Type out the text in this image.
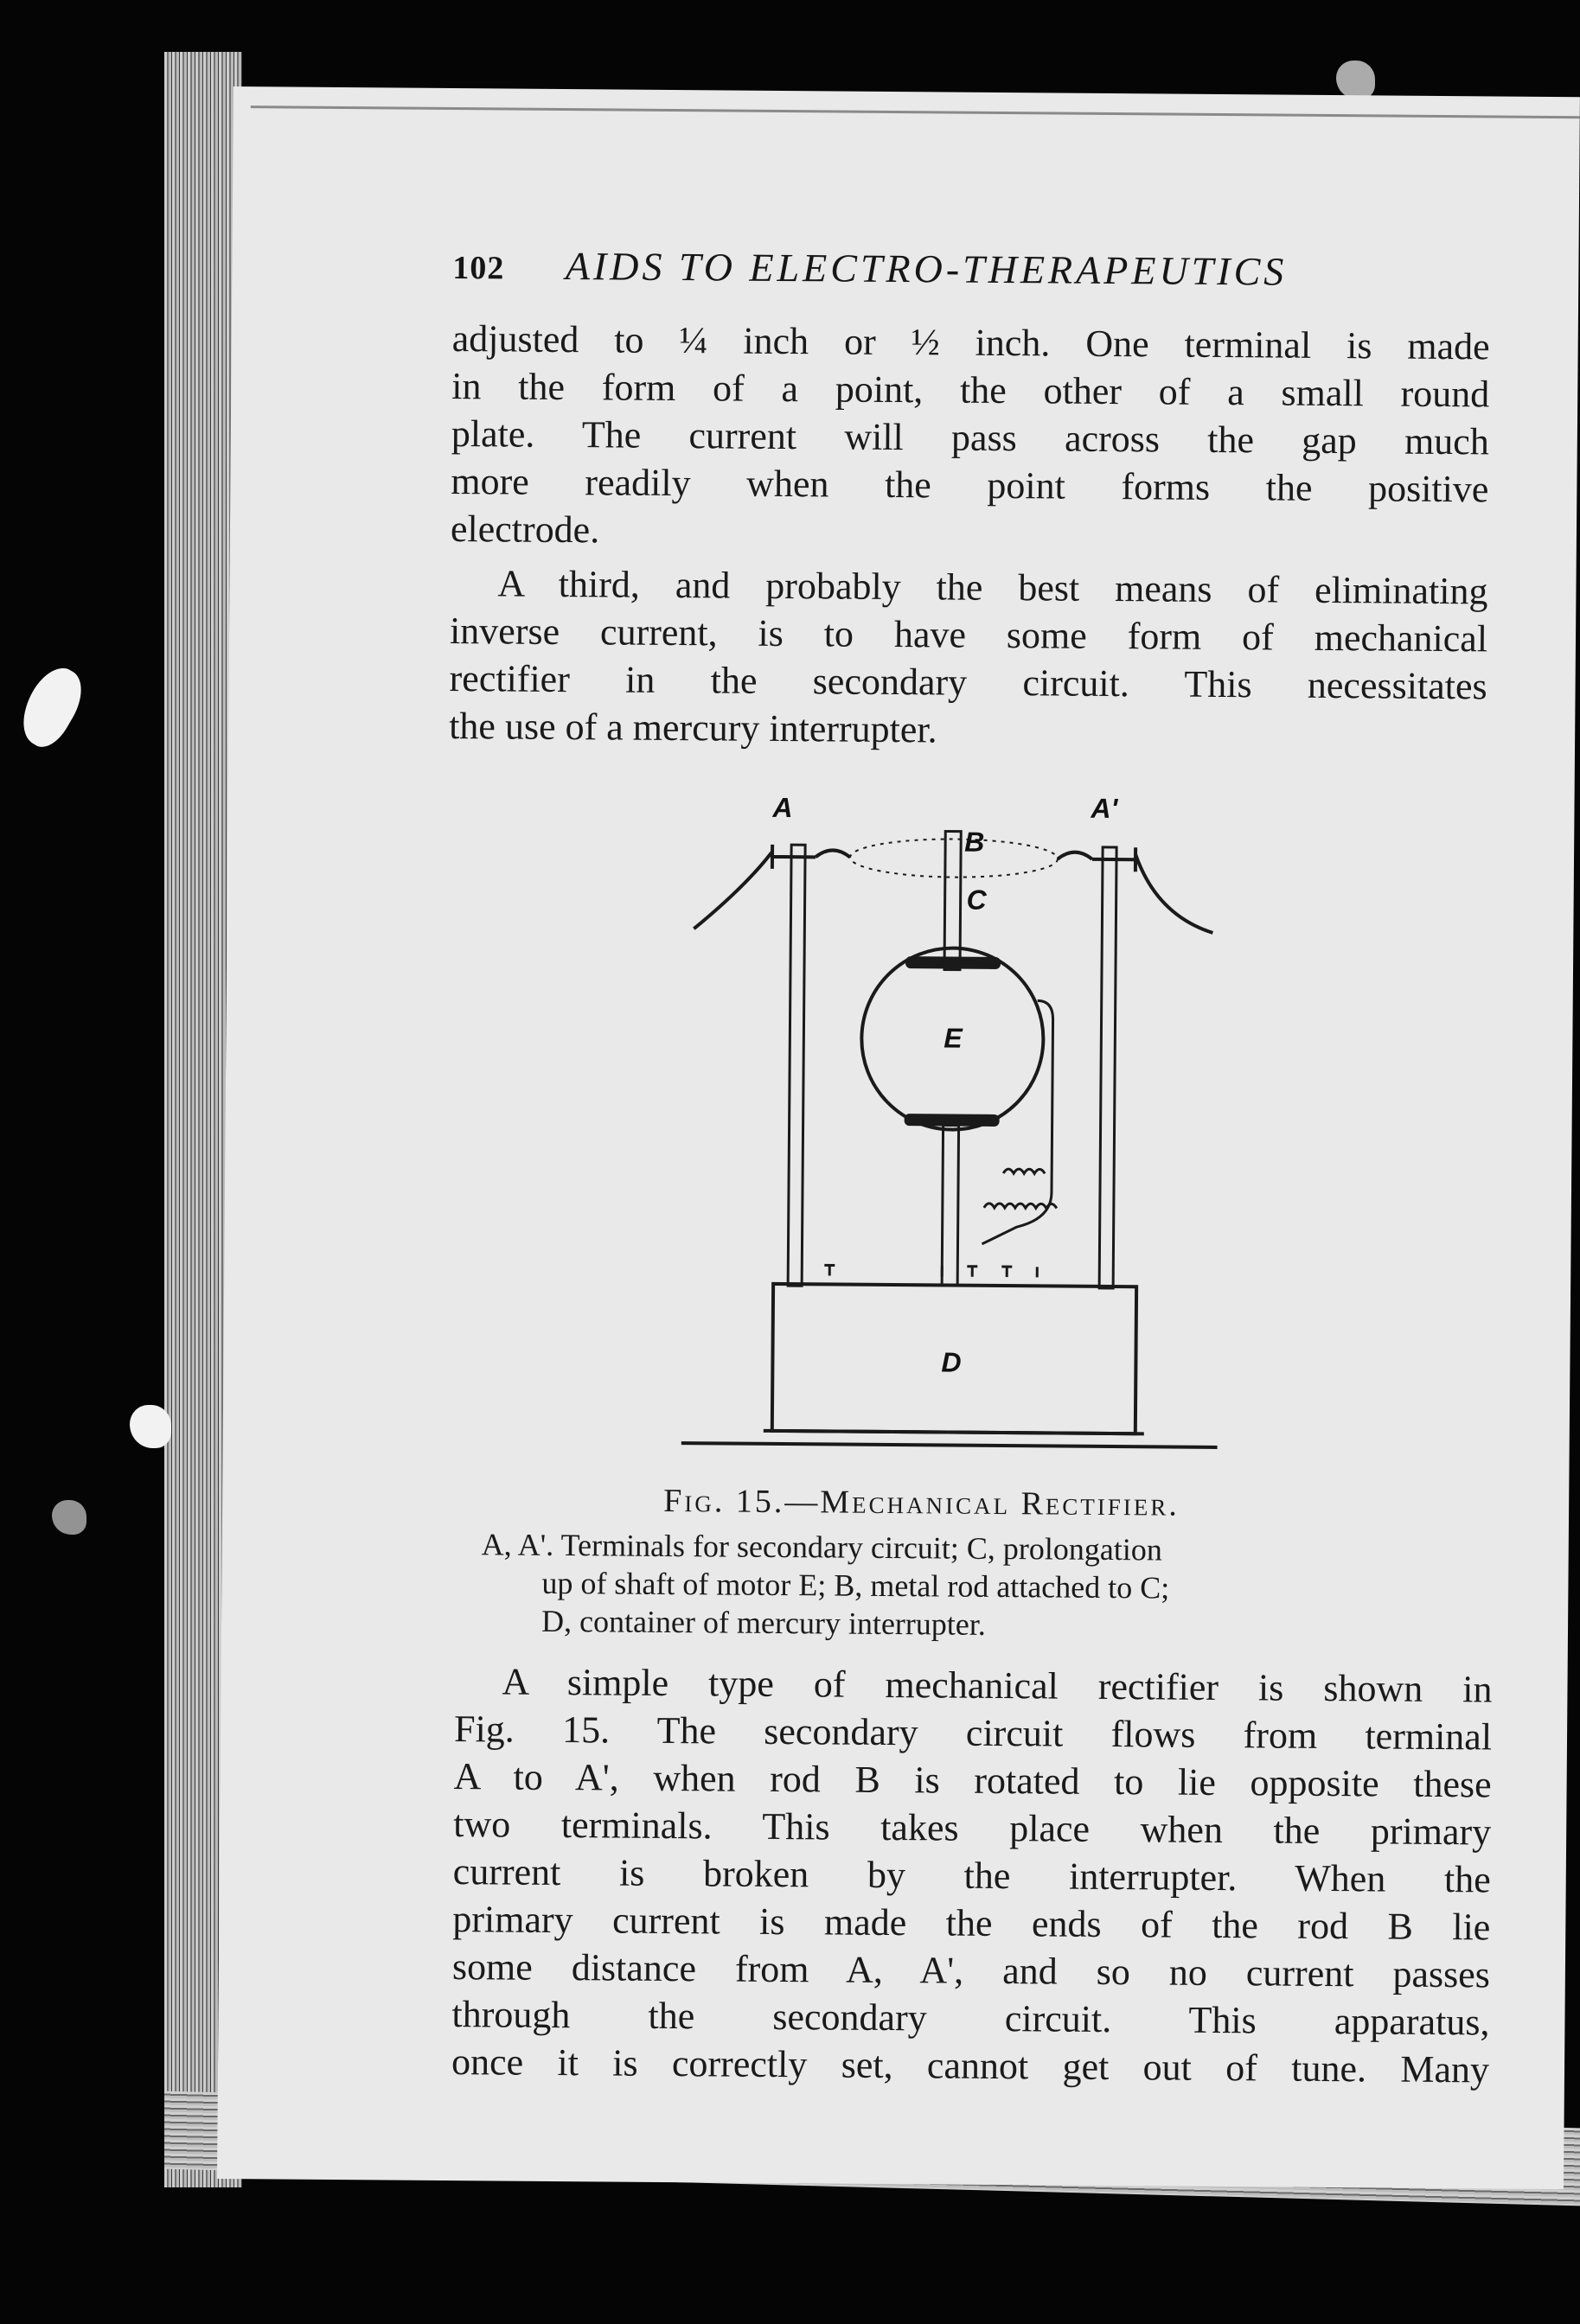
102 AIDS TO ELECTRO-THERAPEUTICS
adjusted to ¼ inch or ½ inch. One terminal is made
in the form of a point, the other of a small round
plate. The current will pass across the gap much
more readily when the point forms the positive
electrode.
A third, and probably the best means of eliminating
inverse current, is to have some form of mechanical
rectifier in the secondary circuit. This necessitates
the use of a mercury interrupter.
A	A'
B
C
E
D
Fig. 15.—Mechanical Rectifier.
A, A'. Terminals for secondary circuit; C, prolongation
up of shaft of motor E; B, metal rod attached to C;
D, container of mercury interrupter.
A simple type of mechanical rectifier is shown in
Fig. 15. The secondary circuit flows from terminal
A to A', when rod B is rotated to lie opposite these
two terminals. This takes place when the primary
current is broken by the interrupter. When the
primary current is made the ends of the rod B lie
some distance from A, A', and so no current passes
through the secondary circuit. This apparatus,
once it is correctly set, cannot get out of tune. Many
